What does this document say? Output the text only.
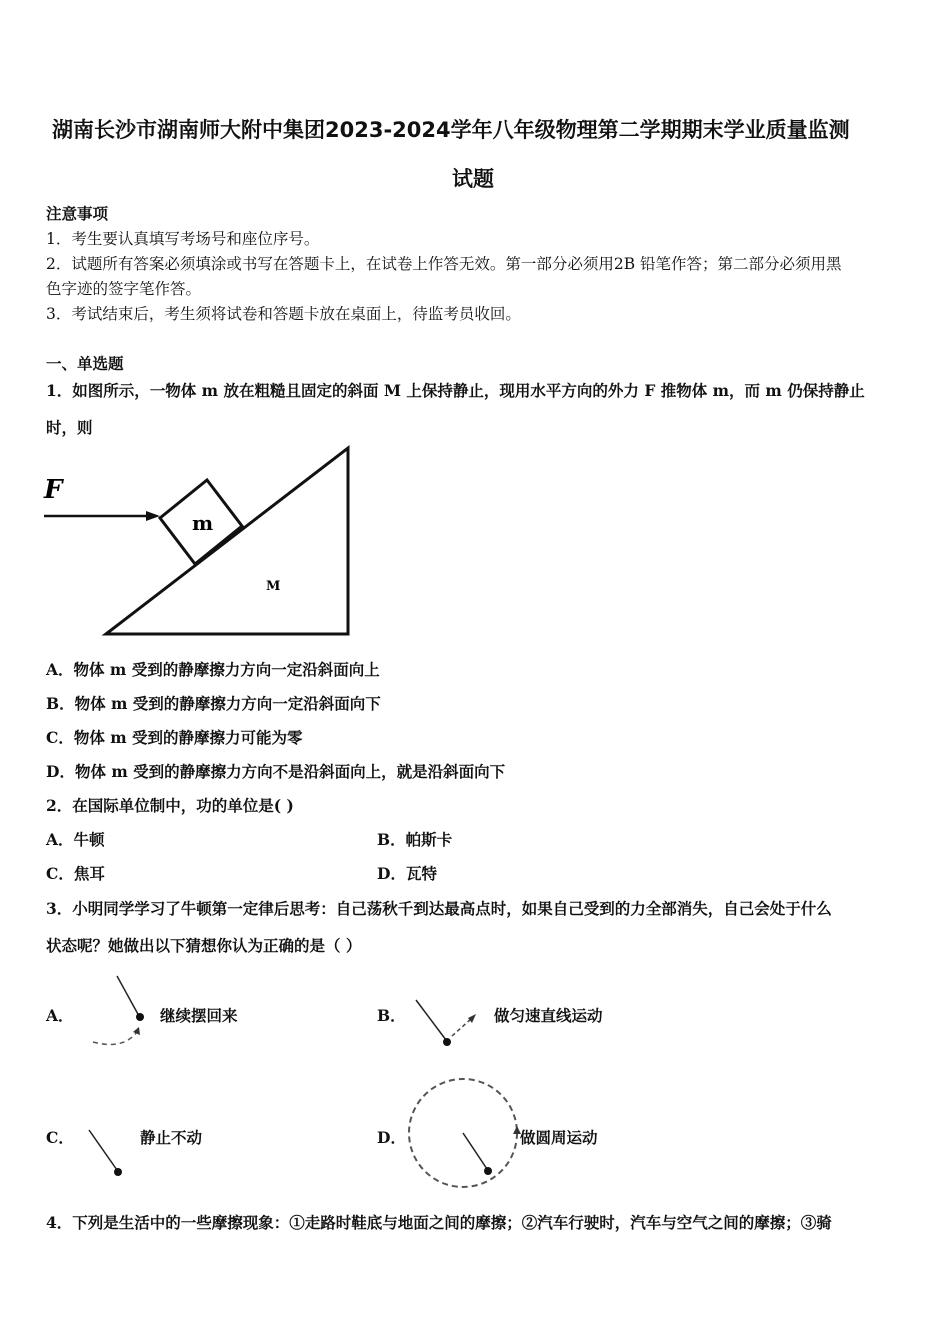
湖南长沙市湖南师大附中集团2023-2024学年八年级物理第二学期期末学业质量监测
试题
注意事项
1．考生要认真填写考场号和座位序号。
2．试题所有答案必须填涂或书写在答题卡上，在试卷上作答无效。第一部分必须用2B 铅笔作答；第二部分必须用黑
色字迹的签字笔作答。
3．考试结束后，考生须将试卷和答题卡放在桌面上，待监考员收回。
一、单选题
1．如图所示，一物体 m 放在粗糙且固定的斜面 M 上保持静止，现用水平方向的外力 F 推物体 m，而 m 仍保持静止
时，则
F
m
M
A．物体 m 受到的静摩擦力方向一定沿斜面向上
B．物体 m 受到的静摩擦力方向一定沿斜面向下
C．物体 m 受到的静摩擦力可能为零
D．物体 m 受到的静摩擦力方向不是沿斜面向上，就是沿斜面向下
2．在国际单位制中，功的单位是( )
A．牛顿	B．帕斯卡
C．焦耳	D．瓦特
3．小明同学学习了牛顿第一定律后思考：自己荡秋千到达最高点时，如果自己受到的力全部消失，自己会处于什么
状态呢？她做出以下猜想你认为正确的是（ ）
A．	继续摆回来	B．	做匀速直线运动
C．	静止不动	D．	做圆周运动
4．下列是生活中的一些摩擦现象：①走路时鞋底与地面之间的摩擦；②汽车行驶时，汽车与空气之间的摩擦；③骑
